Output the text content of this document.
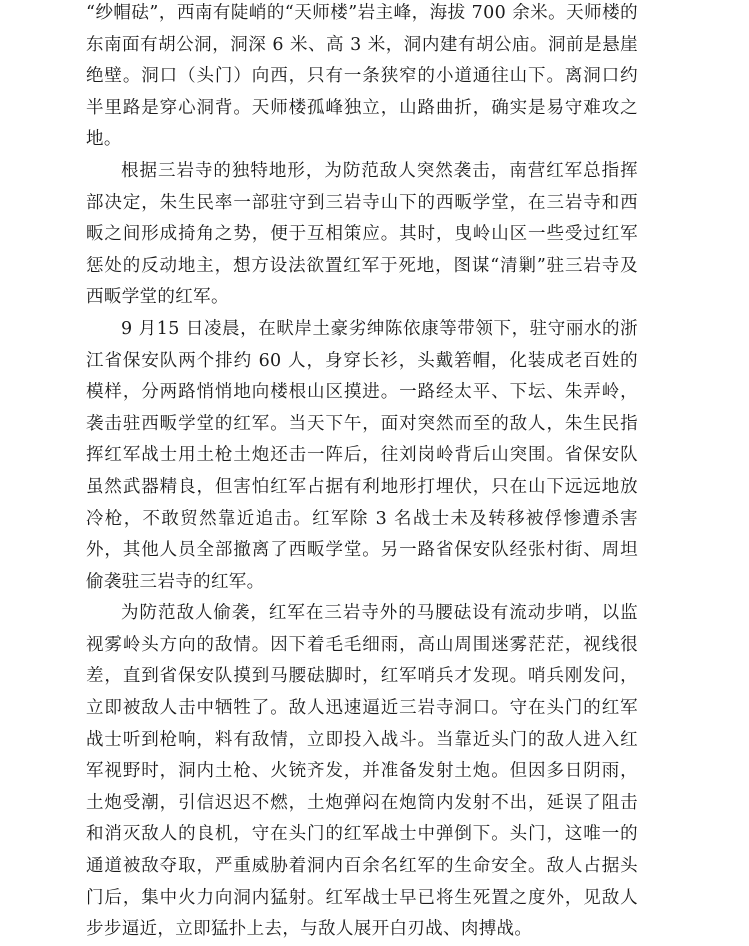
“纱帽砝”，西南有陡峭的“天师楼”岩主峰，海拔 700 余米。天师楼的东南面有胡公洞，洞深 6 米、高 3 米，洞内建有胡公庙。洞前是悬崖绝壁。洞口（头门）向西，只有一条狭窄的小道通往山下。离洞口约半里路是穿心洞背。天师楼孤峰独立，山路曲折，确实是易守难攻之地。

根据三岩寺的独特地形，为防范敌人突然袭击，南营红军总指挥部决定，朱生民率一部驻守到三岩寺山下的西畈学堂，在三岩寺和西畈之间形成掎角之势，便于互相策应。其时，曳岭山区一些受过红军惩处的反动地主，想方设法欲置红军于死地，图谋“清剿”驻三岩寺及西畈学堂的红军。

9 月15 日凌晨，在畎岸土豪劣绅陈依康等带领下，驻守丽水的浙江省保安队两个排约 60 人，身穿长衫，头戴箬帽，化装成老百姓的模样，分两路悄悄地向楼根山区摸进。一路经太平、下坛、朱弄岭，袭击驻西畈学堂的红军。当天下午，面对突然而至的敌人，朱生民指挥红军战士用土枪土炮还击一阵后，往刘岗岭背后山突围。省保安队虽然武器精良，但害怕红军占据有利地形打埋伏，只在山下远远地放冷枪，不敢贸然靠近追击。红军除 3 名战士未及转移被俘惨遭杀害外，其他人员全部撤离了西畈学堂。另一路省保安队经张村街、周坦偷袭驻三岩寺的红军。

为防范敌人偷袭，红军在三岩寺外的马腰砝设有流动步哨，以监视雾岭头方向的敌情。因下着毛毛细雨，高山周围迷雾茫茫，视线很差，直到省保安队摸到马腰砝脚时，红军哨兵才发现。哨兵刚发问，立即被敌人击中牺牲了。敌人迅速逼近三岩寺洞口。守在头门的红军战士听到枪响，料有敌情，立即投入战斗。当靠近头门的敌人进入红军视野时，洞内土枪、火铳齐发，并准备发射土炮。但因多日阴雨，土炮受潮，引信迟迟不燃，土炮弹闷在炮筒内发射不出，延误了阻击和消灭敌人的良机，守在头门的红军战士中弹倒下。头门，这唯一的通道被敌夺取，严重威胁着洞内百余名红军的生命安全。敌人占据头门后，集中火力向洞内猛射。红军战士早已将生死置之度外，见敌人步步逼近，立即猛扑上去，与敌人展开白刃战、肉搏战。
